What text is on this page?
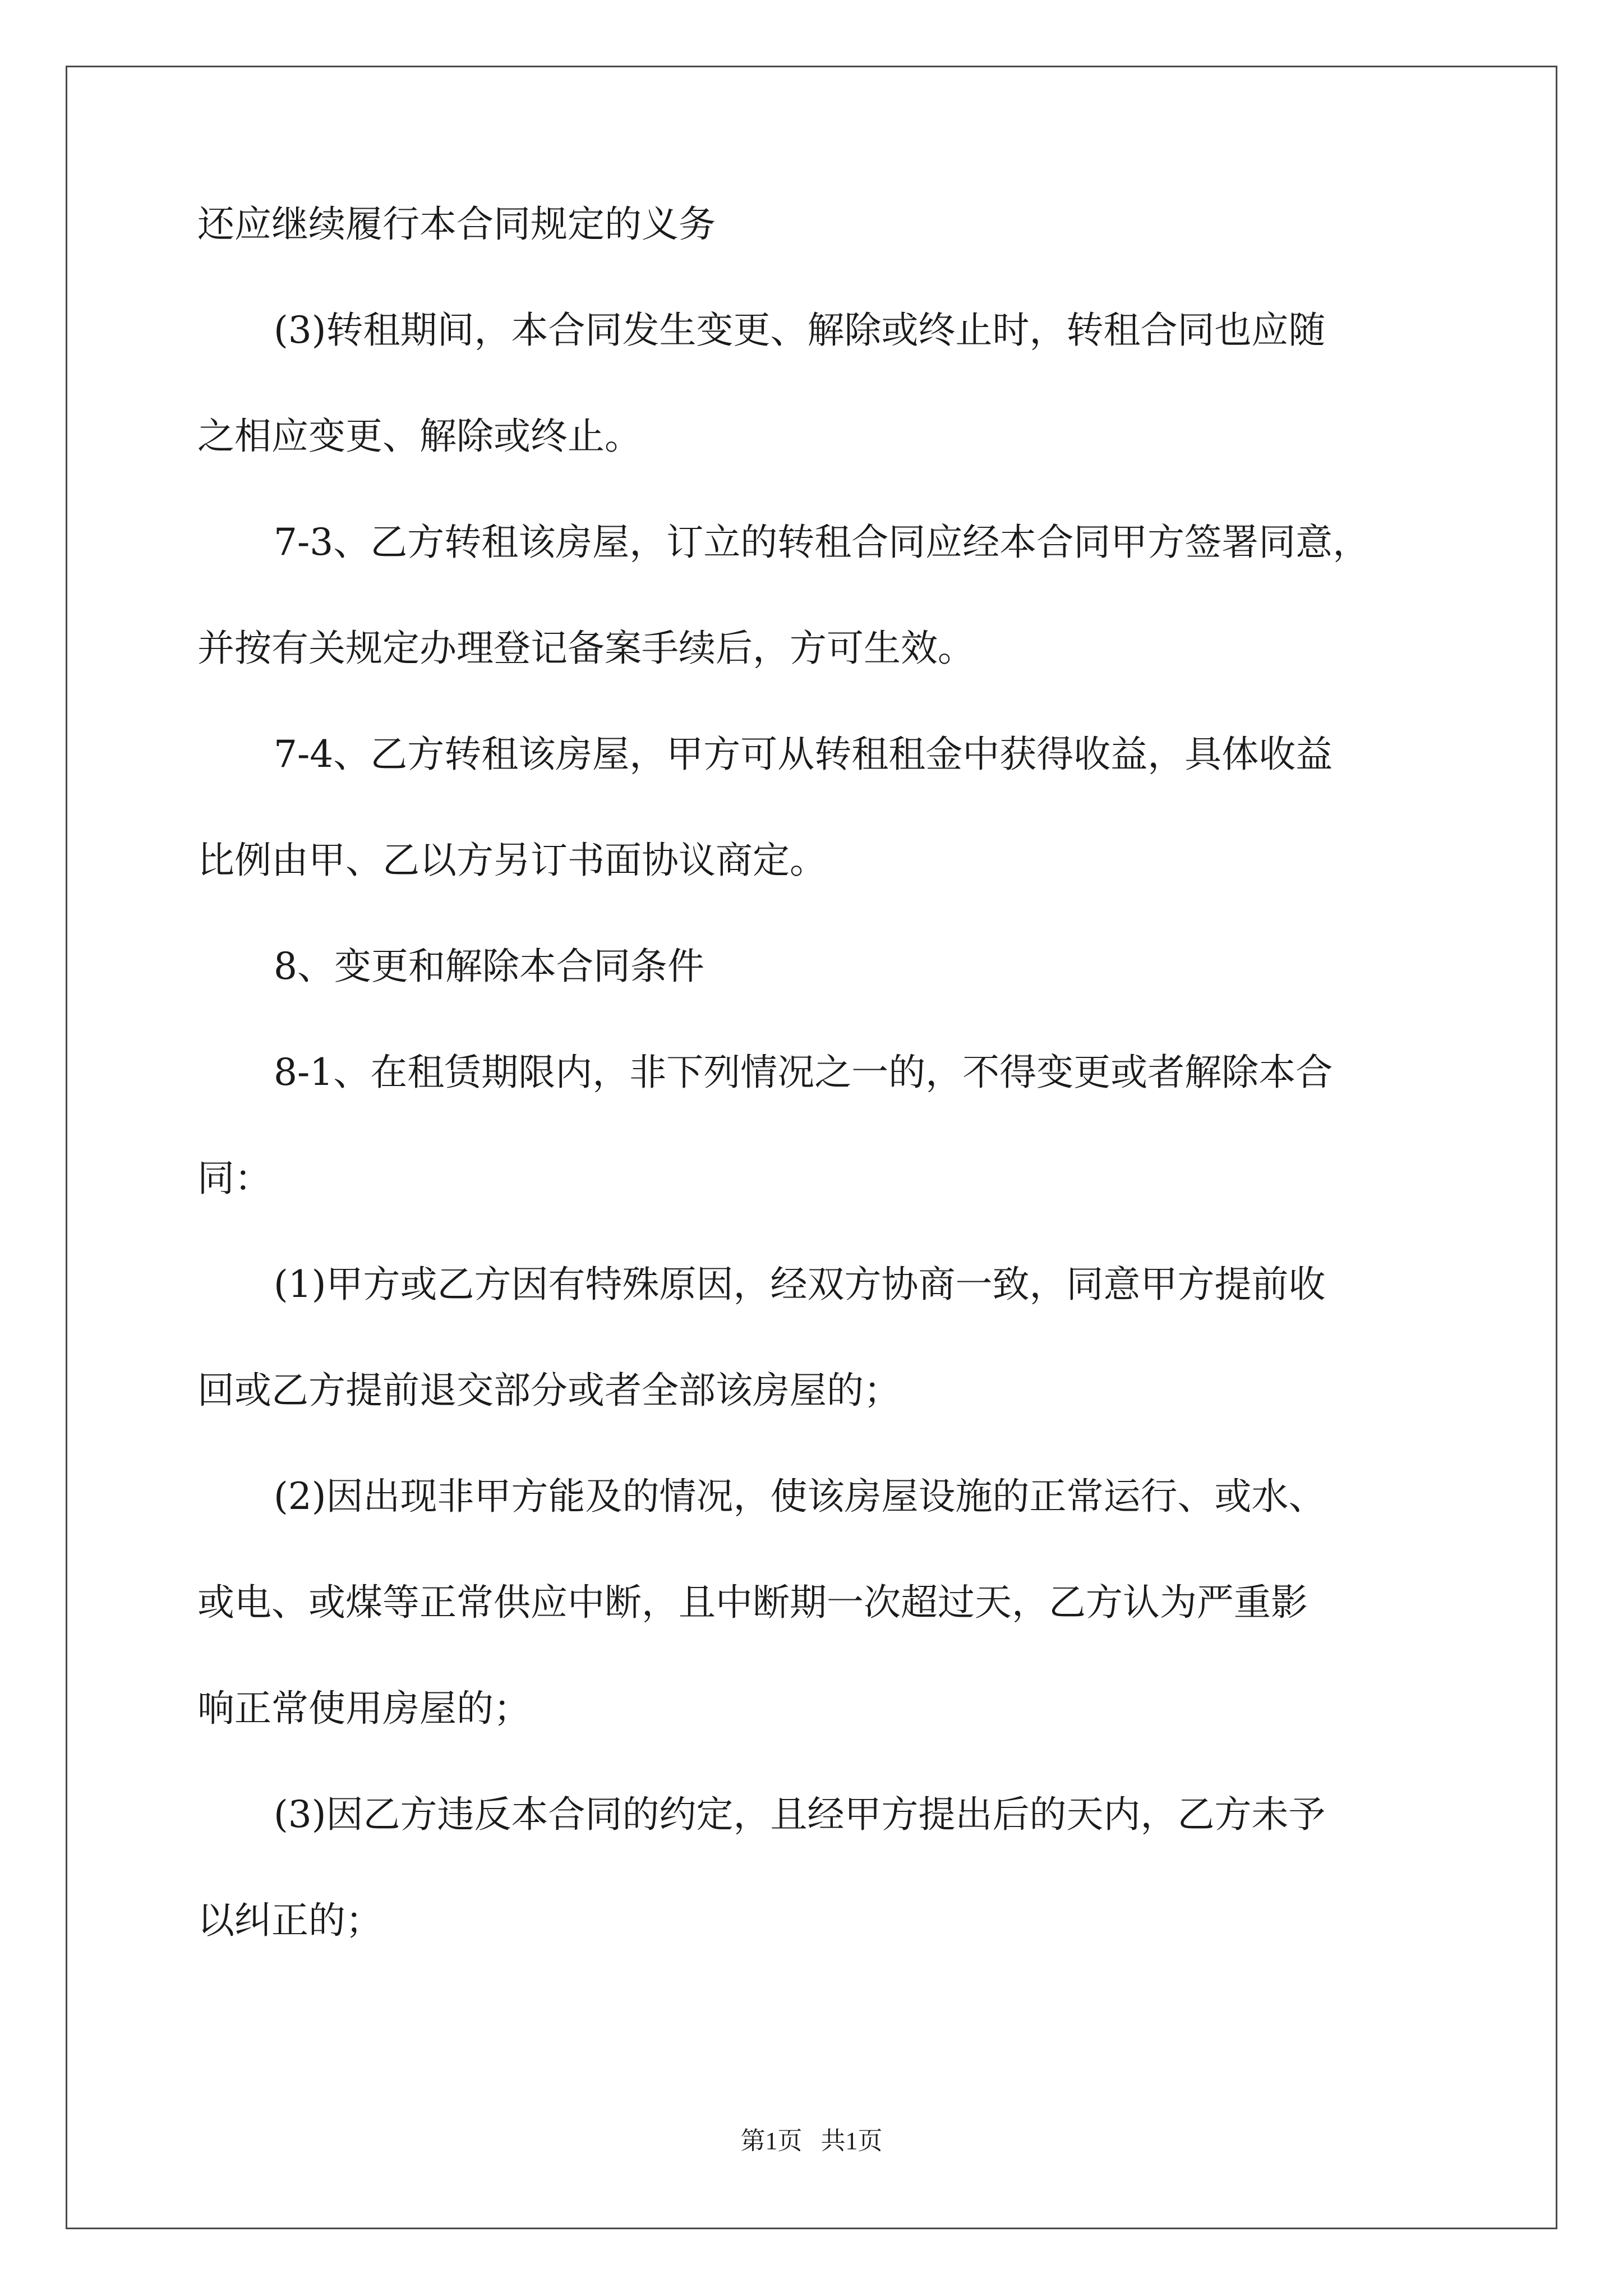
还应继续履行本合同规定的义务
(3)转租期间，本合同发生变更、解除或终止时，转租合同也应随
之相应变更、解除或终止。
7-3、乙方转租该房屋，订立的转租合同应经本合同甲方签署同意，
并按有关规定办理登记备案手续后，方可生效。
7-4、乙方转租该房屋，甲方可从转租租金中获得收益，具体收益
比例由甲、乙以方另订书面协议商定。
8、变更和解除本合同条件
8-1、在租赁期限内，非下列情况之一的，不得变更或者解除本合
同：
(1)甲方或乙方因有特殊原因，经双方协商一致，同意甲方提前收
回或乙方提前退交部分或者全部该房屋的；
(2)因出现非甲方能及的情况，使该房屋设施的正常运行、或水、
或电、或煤等正常供应中断，且中断期一次超过天，乙方认为严重影
响正常使用房屋的；
(3)因乙方违反本合同的约定，且经甲方提出后的天内，乙方未予
以纠正的；
第1页   共1页
